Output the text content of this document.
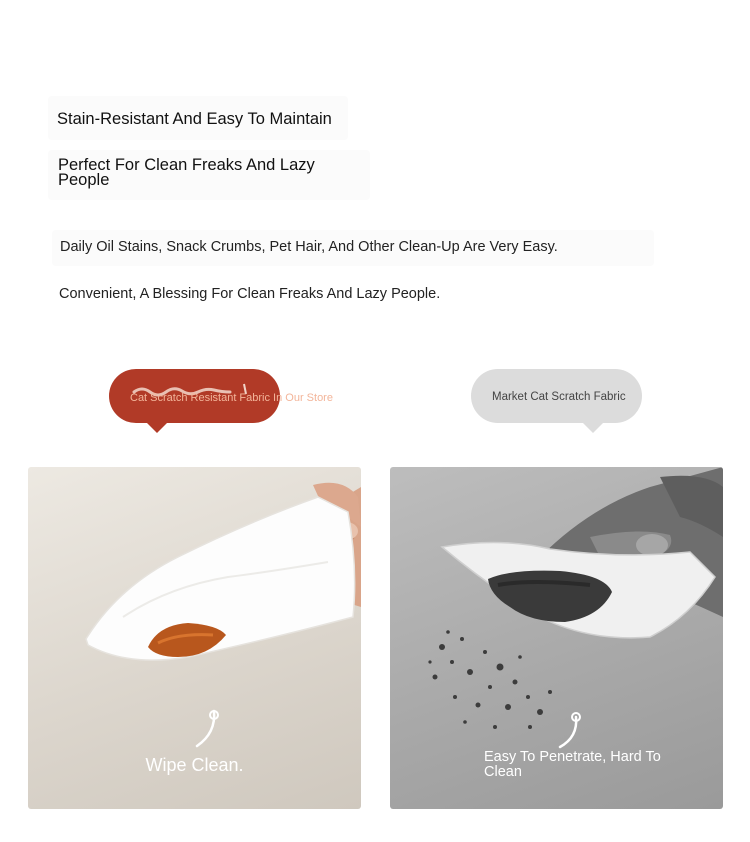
Stain-Resistant And Easy To Maintain
Perfect For Clean Freaks And Lazy People
Daily Oil Stains, Snack Crumbs, Pet Hair, And Other Clean-Up Are Very Easy.
Convenient, A Blessing For Clean Freaks And Lazy People.
Cat Scratch Resistant Fabric In Our Store	Market Cat Scratch Fabric
Wipe Clean.	Easy To Penetrate, Hard To Clean
